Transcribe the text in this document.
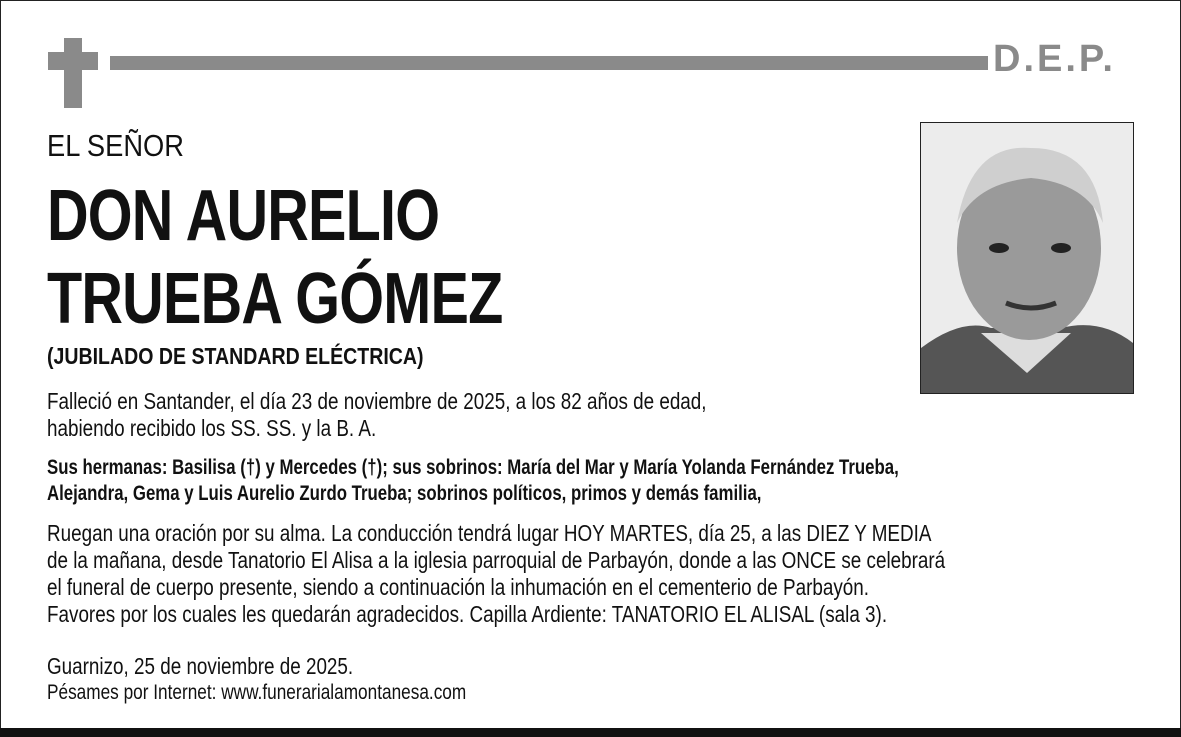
D.E.P.
EL SEÑOR
DON AURELIO
TRUEBA GÓMEZ
(JUBILADO DE STANDARD ELÉCTRICA)
Falleció en Santander, el día 23 de noviembre de 2025, a los 82 años de edad,
habiendo recibido los SS. SS. y la B. A.
Sus hermanas: Basilisa (†) y Mercedes (†); sus sobrinos: María del Mar y María Yolanda Fernández Trueba,
Alejandra, Gema y Luis Aurelio Zurdo Trueba; sobrinos políticos, primos y demás familia,
Ruegan una oración por su alma. La conducción tendrá lugar HOY MARTES, día 25, a las DIEZ Y MEDIA
de la mañana, desde Tanatorio El Alisa a la iglesia parroquial de Parbayón, donde a las ONCE se celebrará
el funeral de cuerpo presente, siendo a continuación la inhumación en el cementerio de Parbayón.
Favores por los cuales les quedarán agradecidos. Capilla Ardiente: TANATORIO EL ALISAL (sala 3).
Guarnizo, 25 de noviembre de 2025.
Pésames por Internet: www.funerarialamontanesa.com
